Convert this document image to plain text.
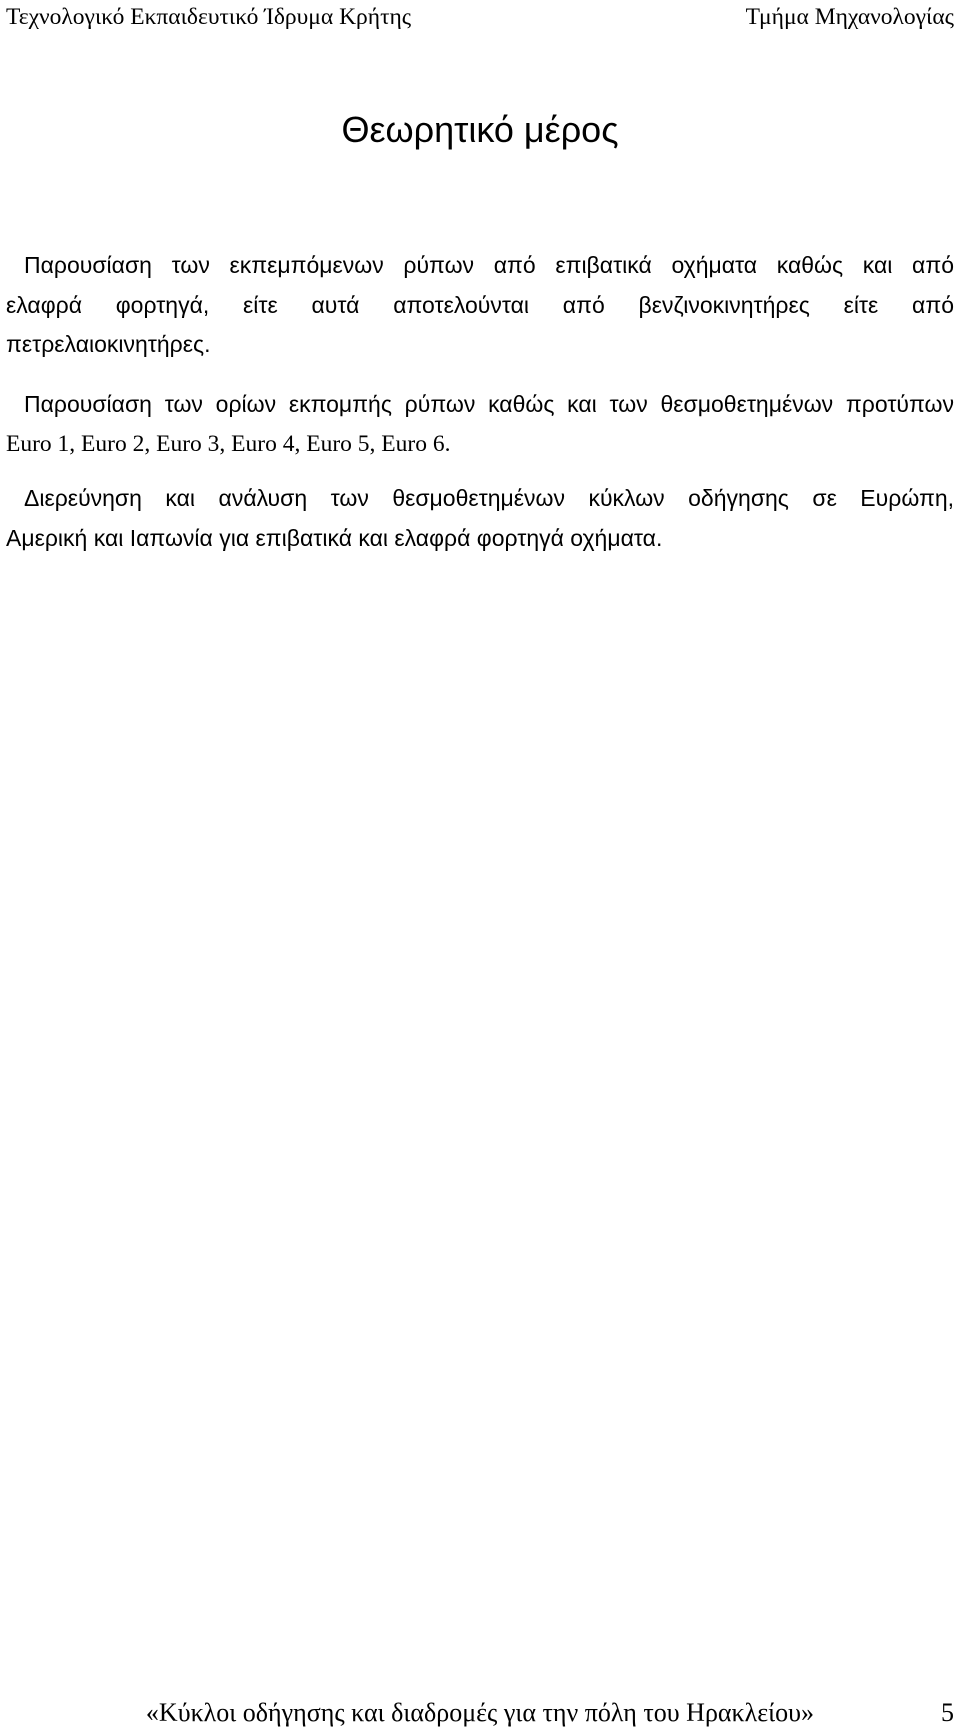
Τεχνολογικό Εκπαιδευτικό Ίδρυμα Κρήτης	Τμήμα Μηχανολογίας
Θεωρητικό μέρος
Παρουσίαση των εκπεμπόμενων ρύπων από επιβατικά οχήματα καθώς και από
ελαφρά φορτηγά, είτε αυτά αποτελούνται από βενζινοκινητήρες είτε από
πετρελαιοκινητήρες.
Παρουσίαση των ορίων εκπομπής ρύπων καθώς και των θεσμοθετημένων προτύπων
Euro 1, Euro 2, Euro 3, Euro 4, Euro 5, Euro 6.
Διερεύνηση και ανάλυση των θεσμοθετημένων κύκλων οδήγησης σε Ευρώπη,
Αμερική και Ιαπωνία για επιβατικά και ελαφρά φορτηγά οχήματα.
«Κύκλοι οδήγησης και διαδρομές για την πόλη του Ηρακλείου»	5
